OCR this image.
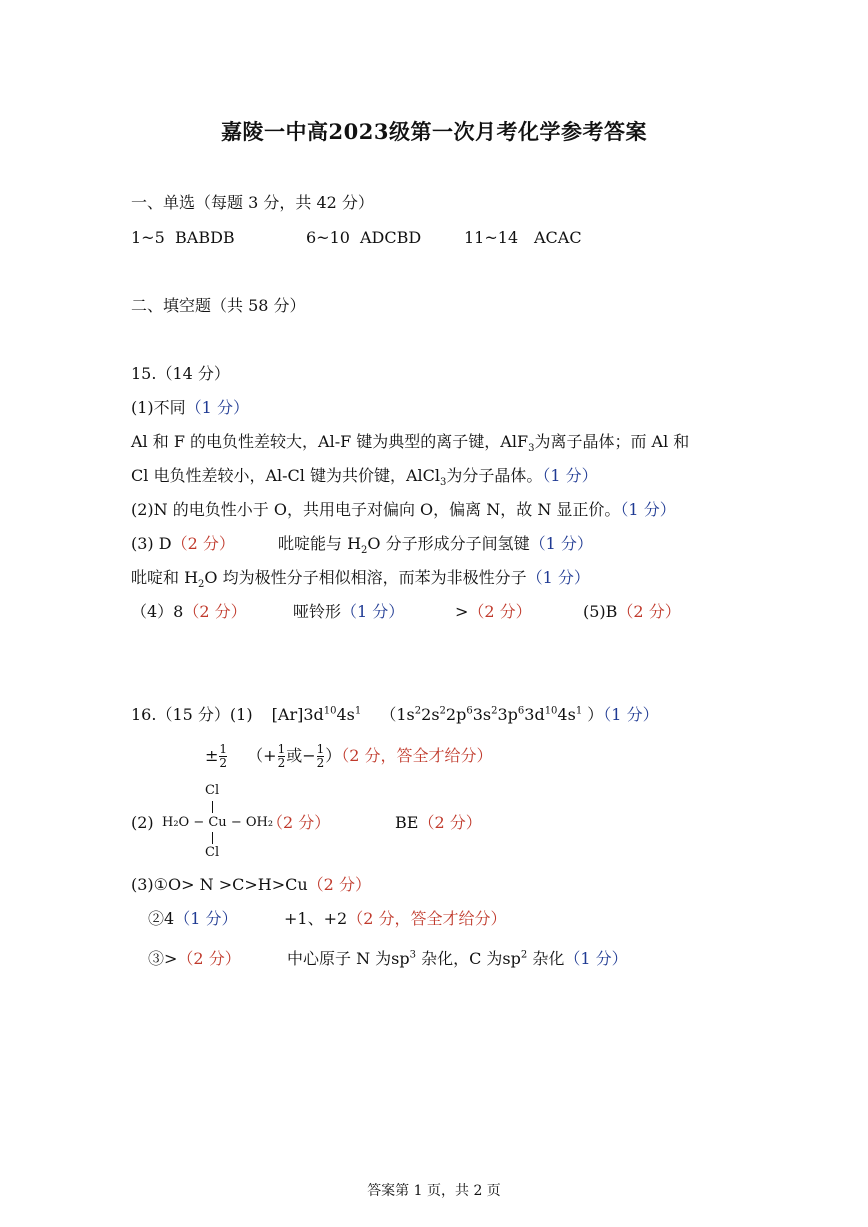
嘉陵一中高2023级第一次月考化学参考答案
一、单选（每题 3 分，共 42 分）
1~5 BABDB	6~10 ADCBD	11~14 ACAC
二、填空题（共 58 分）
15.（14 分）
(1)不同（1 分）
Al 和 F 的电负性差较大，Al-F 键为典型的离子键，AlF$_3$为离子晶体；而 Al 和
Cl 电负性差较小，Al-Cl 键为共价键，AlCl$_3$为分子晶体。（1 分）
(2)N 的电负性小于 O，共用电子对偏向 O，偏离 N，故 N 显正价。（1 分）
(3) D（2 分）	吡啶能与 $H_2O$ 分子形成分子间氢键（1 分）
吡啶和 $H_2O$ 均为极性分子相似相溶，而苯为非极性分子（1 分）
（4）8（2 分）	哑铃形（1 分）	>（2 分）	(5)B（2 分）
16.（15 分）(1) $[Ar]3d^{10}4s^1$ （$1s^22s^22p^63s^23p^63d^{10}4s^1$ ）（1 分）
± $\frac{1}{2}$ （+ $\frac{1}{2}$ 或− $\frac{1}{2} )(2$ 分，答全才给分）
(2)
Cl
H₂O − Cu − OH₂
Cl
（2 分）	BE（2 分）
(3)①O> N >C>H>Cu（2 分）
②4（1 分）	+1、+2（2 分，答全才给分）
③>（2 分）	中心原子 N 为$sp^3$ 杂化，C 为$sp^2$ 杂化（1 分）
答案第 1 页，共 2 页
